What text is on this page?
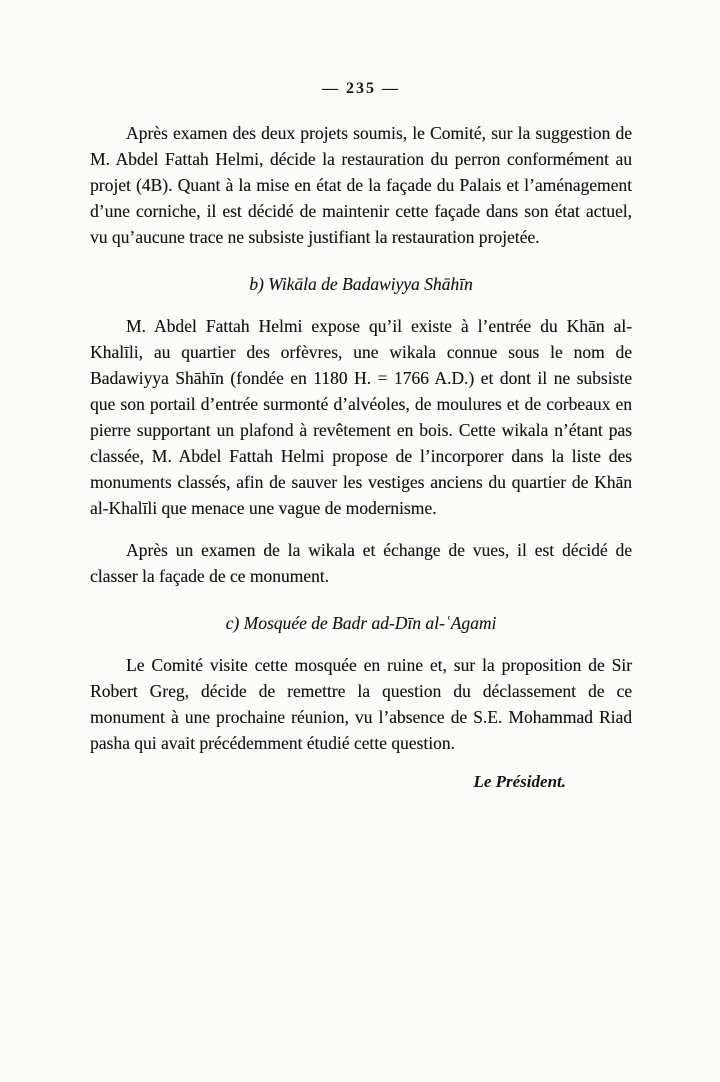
— 235 —

Après examen des deux projets soumis, le Comité, sur la suggestion de M. Abdel Fattah Helmi, décide la restauration du perron conformément au projet (4B). Quant à la mise en état de la façade du Palais et l’aménagement d’une corniche, il est décidé de maintenir cette façade dans son état actuel, vu qu’aucune trace ne subsiste justifiant la restauration projetée.

b) Wikāla de Badawiyya Shāhīn

M. Abdel Fattah Helmi expose qu’il existe à l’entrée du Khān al-Khalīli, au quartier des orfèvres, une wikala connue sous le nom de Badawiyya Shāhīn (fondée en 1180 H. = 1766 A.D.) et dont il ne subsiste que son portail d’entrée surmonté d’alvéoles, de moulures et de corbeaux en pierre supportant un plafond à revêtement en bois. Cette wikala n’étant pas classée, M. Abdel Fattah Helmi propose de l’incorporer dans la liste des monuments classés, afin de sauver les vestiges anciens du quartier de Khān al-Khalīli que menace une vague de modernisme.

Après un examen de la wikala et échange de vues, il est décidé de classer la façade de ce monument.

c) Mosquée de Badr ad-Dīn al-ʿAgami

Le Comité visite cette mosquée en ruine et, sur la proposition de Sir Robert Greg, décide de remettre la question du déclassement de ce monument à une prochaine réunion, vu l’absence de S.E. Mohammad Riad pasha qui avait précédemment étudié cette question.

Le Président.
